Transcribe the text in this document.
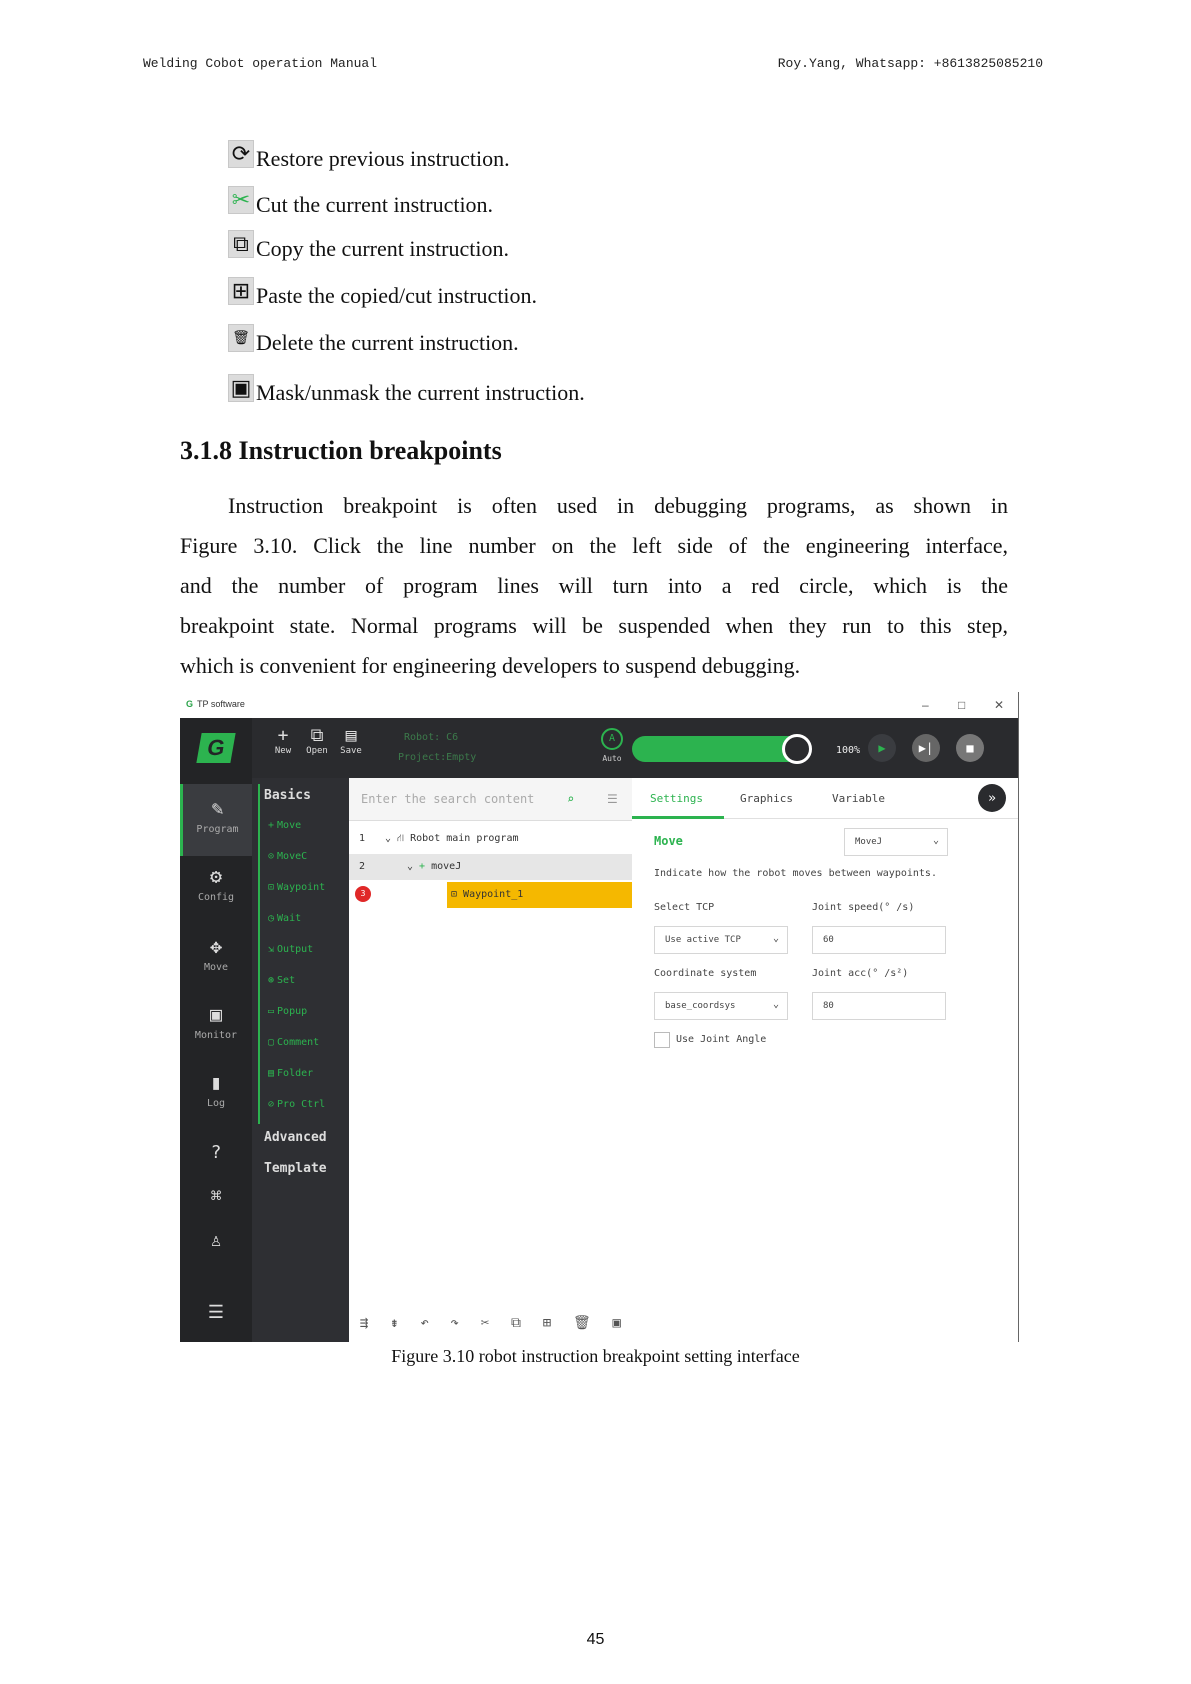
Welding Cobot operation Manual	Roy.Yang, Whatsapp: +8613825085210
⟳ Restore previous instruction.
✂ Cut the current instruction.
⧉ Copy the current instruction.
⊞ Paste the copied/cut instruction.
🗑 Delete the current instruction.
▣ Mask/unmask the current instruction.
3.1.8 Instruction breakpoints

Instruction breakpoint is often used in debugging programs, as shown in

Figure 3.10. Click the line number on the left side of the engineering interface,

and the number of program lines will turn into a red circle, which is the

breakpoint state. Normal programs will be suspended when they run to this step,

which is convenient for engineering developers to suspend debugging.

G TP software	– □ ✕
G	+
New
⧉
Open
▤
Save
Robot: C6
Project:Empty
A
Auto
100%	▶	▶|	■
✎
Program
⚙
Config
✥
Move
▣
Monitor
▮
Log
?
⌘
♙
☰
Basics
+ Move
⊙ MoveC
⊡ Waypoint
◷ Wait
⇲ Output
⊛ Set
▭ Popup
▢ Comment
▤ Folder
⊘ Pro Ctrl
Advanced
Template
Enter the search content	⌕	☰
1 ⌄ ⛙ Robot main program
2	⌄ + moveJ
3	⊡ Waypoint_1
⇶ ⇟ ↶ ↷ ✂ ⧉ ⊞ 🗑 ▣
Settings	Graphics	Variable	»
Move	MoveJ	⌄
Indicate how the robot moves between waypoints.
Select TCP	Joint speed(° /s)
Use active TCP	⌄	60
Coordinate system	Joint acc(° /s²)
base_coordsys	⌄	80
Use Joint Angle
Figure 3.10 robot instruction breakpoint setting interface
45
